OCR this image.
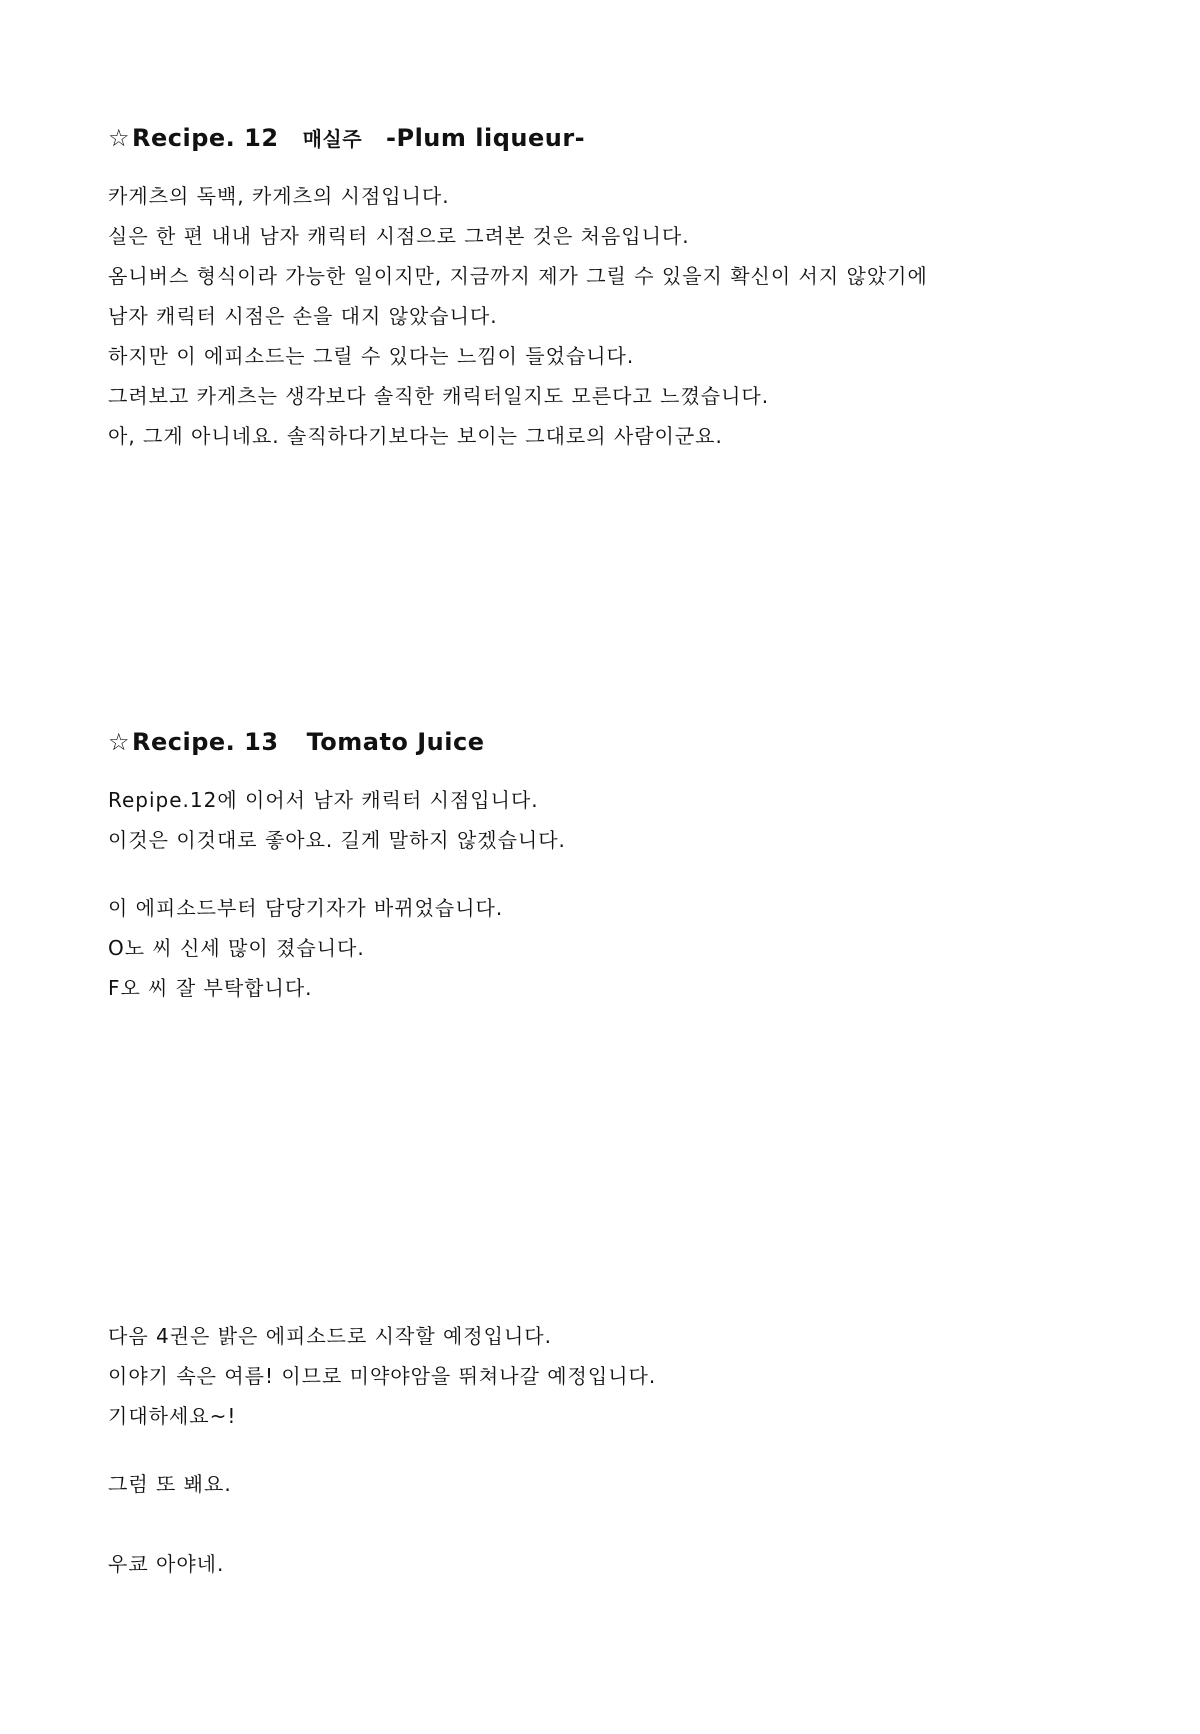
☆Recipe. 12 매실주 -Plum liqueur-
카게츠의 독백, 카게츠의 시점입니다.
실은 한 편 내내 남자 캐릭터 시점으로 그려본 것은 처음입니다.
옴니버스 형식이라 가능한 일이지만, 지금까지 제가 그릴 수 있을지 확신이 서지 않았기에
남자 캐릭터 시점은 손을 대지 않았습니다.
하지만 이 에피소드는 그릴 수 있다는 느낌이 들었습니다.
그려보고 카게츠는 생각보다 솔직한 캐릭터일지도 모른다고 느꼈습니다.
아, 그게 아니네요. 솔직하다기보다는 보이는 그대로의 사람이군요.
☆Recipe. 13 Tomato Juice
Repipe.12에 이어서 남자 캐릭터 시점입니다.
이것은 이것대로 좋아요. 길게 말하지 않겠습니다.
이 에피소드부터 담당기자가 바뀌었습니다.
O노 씨 신세 많이 졌습니다.
F오 씨 잘 부탁합니다.
다음 4권은 밝은 에피소드로 시작할 예정입니다.
이야기 속은 여름! 이므로 미약야암을 뛰쳐나갈 예정입니다.
기대하세요~!
그럼 또 봬요.
우쿄 아야네.
